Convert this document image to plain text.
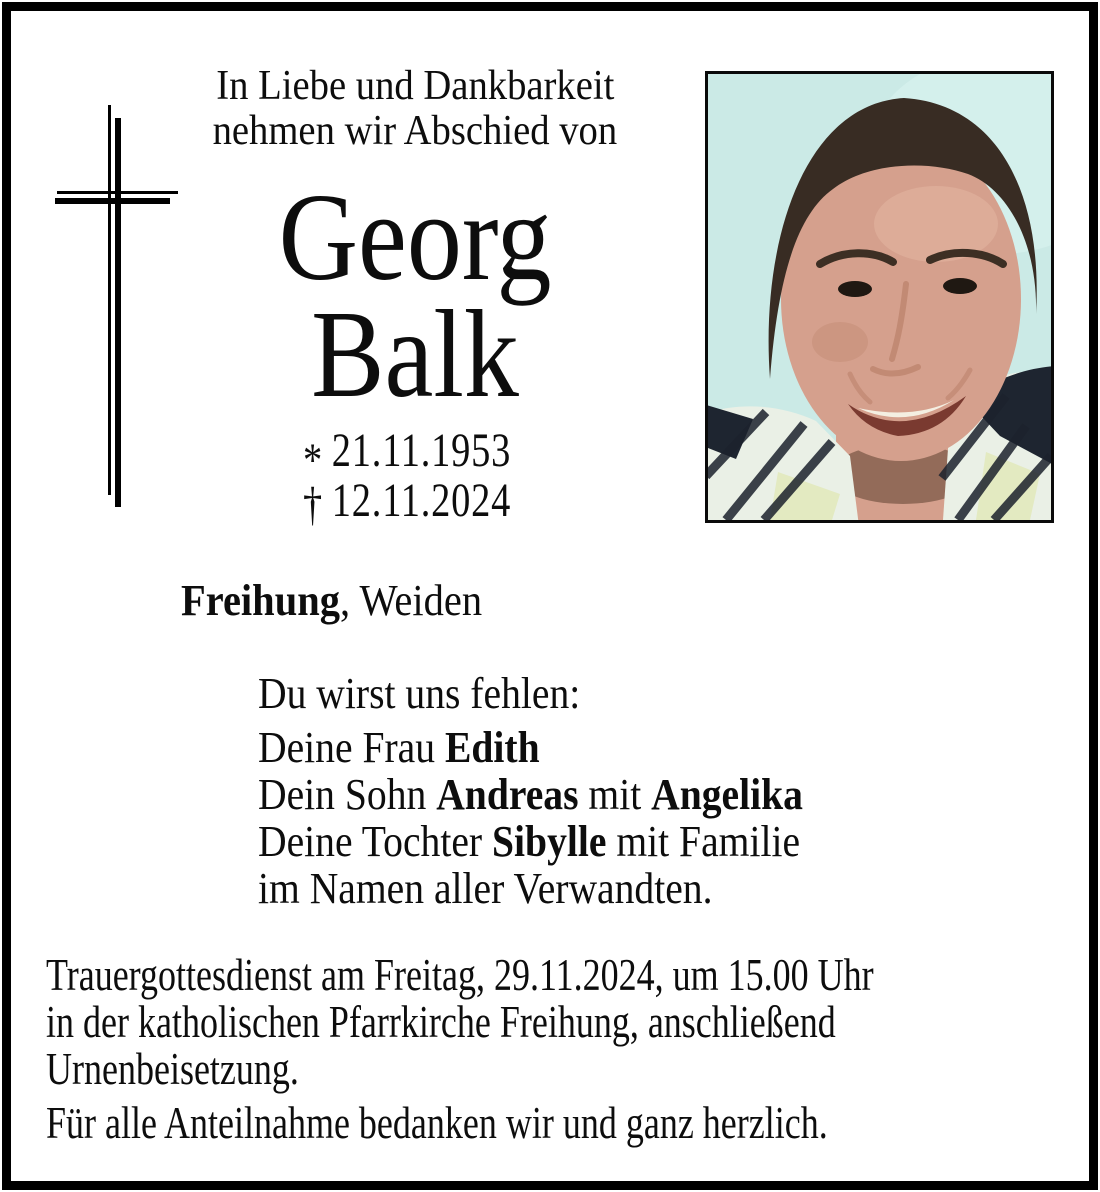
In Liebe und Dankbarkeit
nehmen wir Abschied von
Georg
Balk
* 21.11.1953
† 12.11.2024
Freihung, Weiden
Du wirst uns fehlen:
Deine Frau Edith
Dein Sohn Andreas mit Angelika
Deine Tochter Sibylle mit Familie
im Namen aller Verwandten.
Trauergottesdienst am Freitag, 29.11.2024, um 15.00 Uhr
in der katholischen Pfarrkirche Freihung, anschließend
Urnenbeisetzung.
Für alle Anteilnahme bedanken wir und ganz herzlich.
